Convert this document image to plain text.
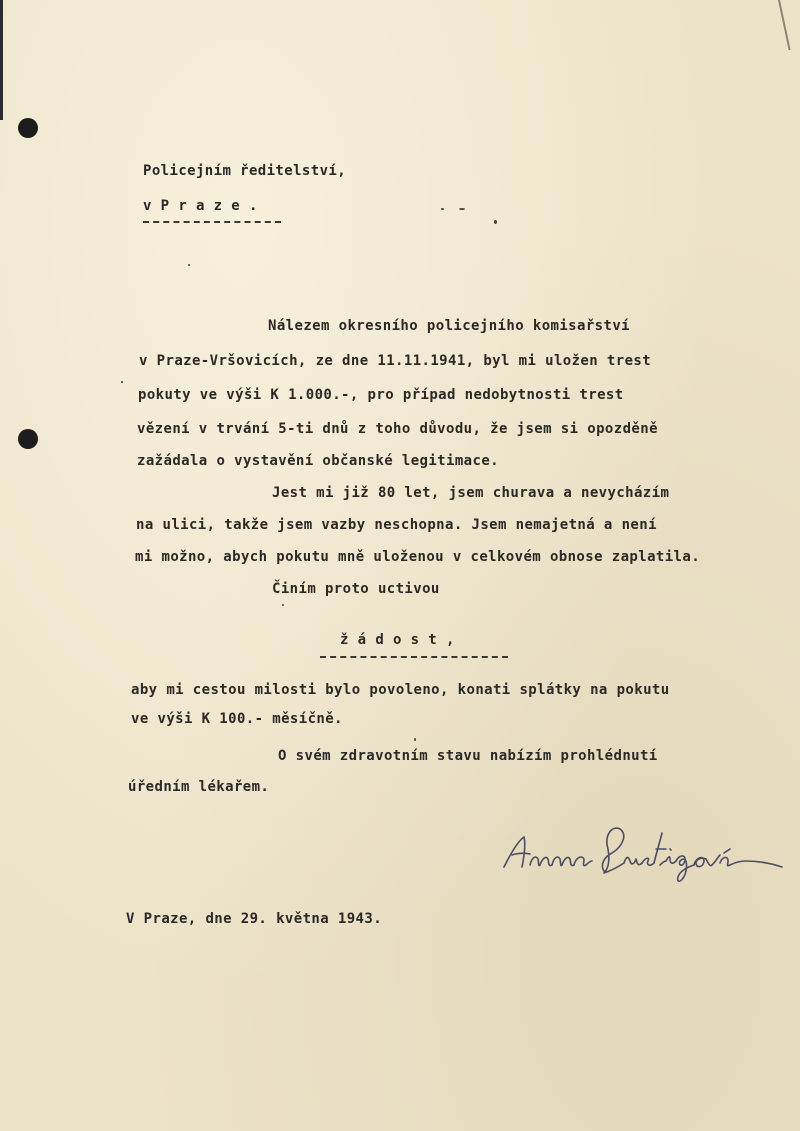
Policejním ředitelství,
v P r a z e .
Nálezem okresního policejního komisařství
v Praze-Vršovicích, ze dne 11.11.1941, byl mi uložen trest
pokuty ve výši K 1.000.-, pro případ nedobytnosti trest
vězení v trvání 5-ti dnů z toho důvodu, že jsem si opozděně
zažádala o vystavění občanské legitimace.
Jest mi již 80 let, jsem churava a nevycházím
na ulici, takže jsem vazby neschopna. Jsem nemajetná a není
mi možno, abych pokutu mně uloženou v celkovém obnose zaplatila.
Činím proto uctivou
ž á d o s t ,
aby mi cestou milosti bylo povoleno, konati splátky na pokutu
ve výši K 100.- měsíčně.
O svém zdravotním stavu nabízím prohlédnutí
úředním lékařem.
V Praze, dne 29. května 1943.
